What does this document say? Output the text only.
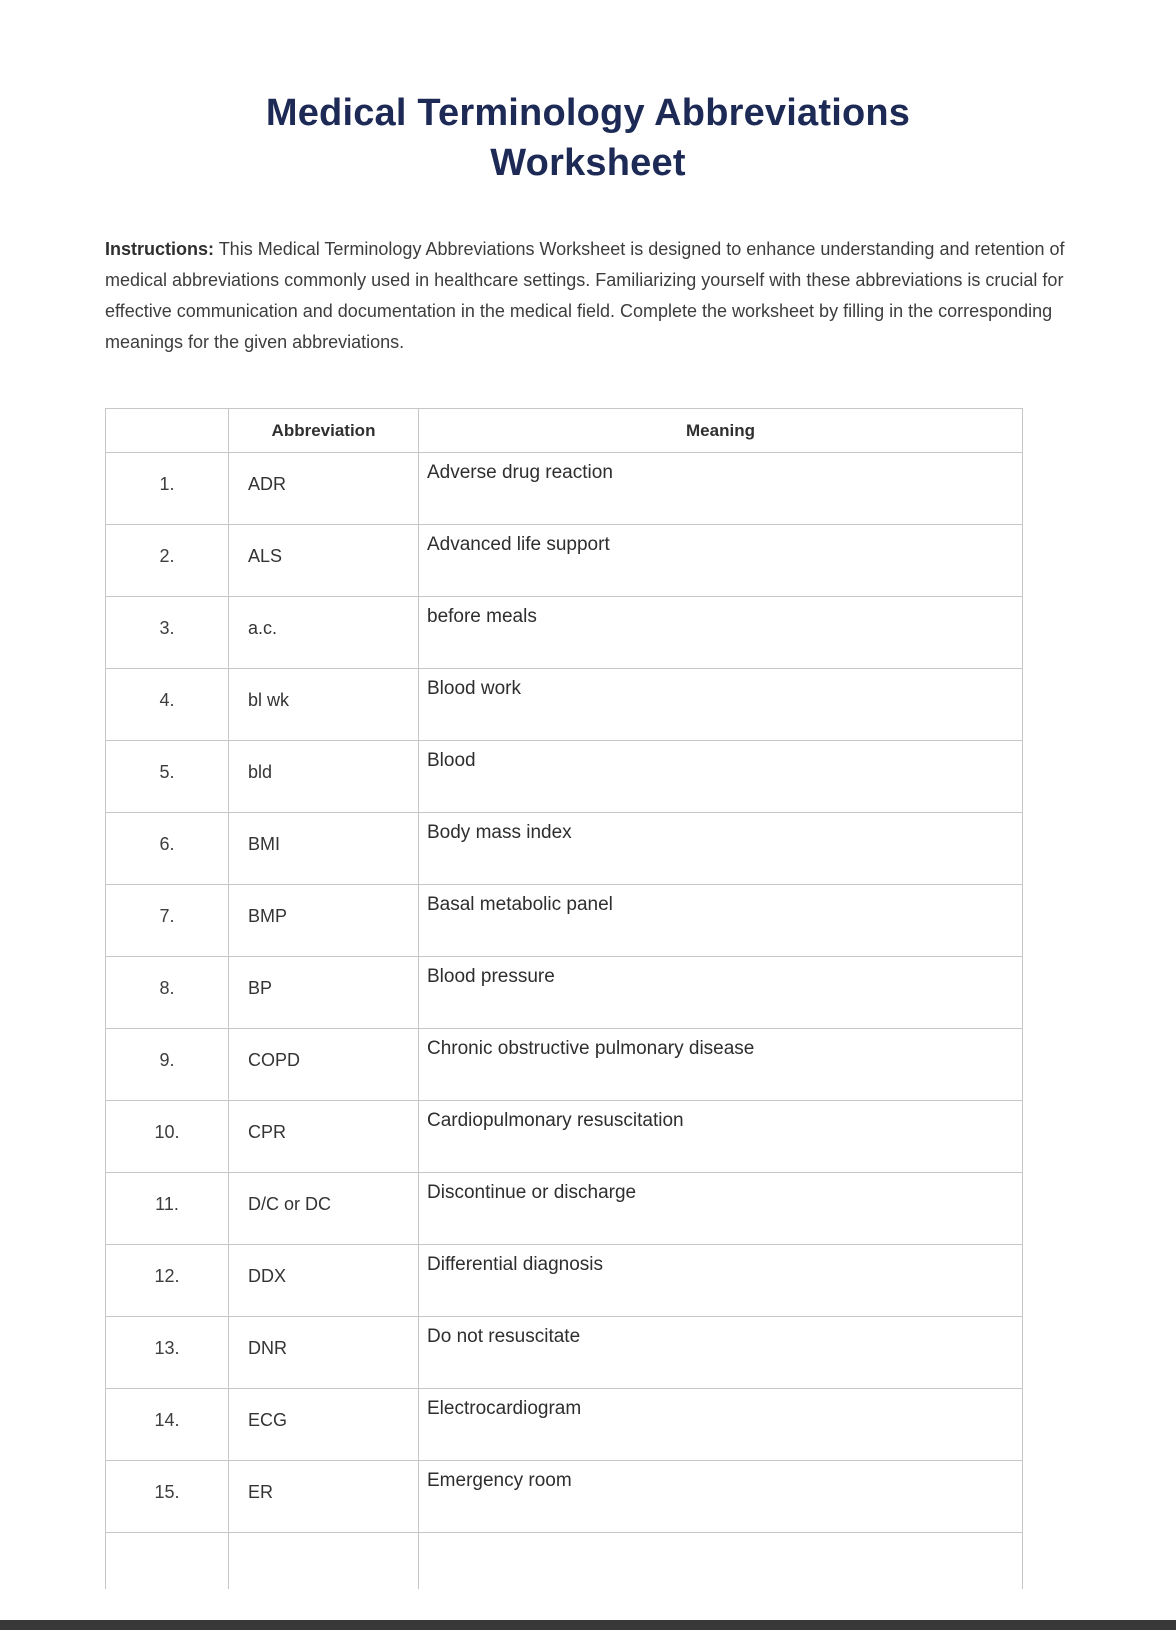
Medical Terminology Abbreviations Worksheet

Instructions: This Medical Terminology Abbreviations Worksheet is designed to enhance understanding and retention of medical abbreviations commonly used in healthcare settings. Familiarizing yourself with these abbreviations is crucial for effective communication and documentation in the medical field. Complete the worksheet by filling in the corresponding meanings for the given abbreviations.

	Abbreviation	Meaning
1.	ADR	Adverse drug reaction
2.	ALS	Advanced life support
3.	a.c.	before meals
4.	bl wk	Blood work
5.	bld	Blood
6.	BMI	Body mass index
7.	BMP	Basal metabolic panel
8.	BP	Blood pressure
9.	COPD	Chronic obstructive pulmonary disease
10.	CPR	Cardiopulmonary resuscitation
11.	D/C or DC	Discontinue or discharge
12.	DDX	Differential diagnosis
13.	DNR	Do not resuscitate
14.	ECG	Electrocardiogram
15.	ER	Emergency room
